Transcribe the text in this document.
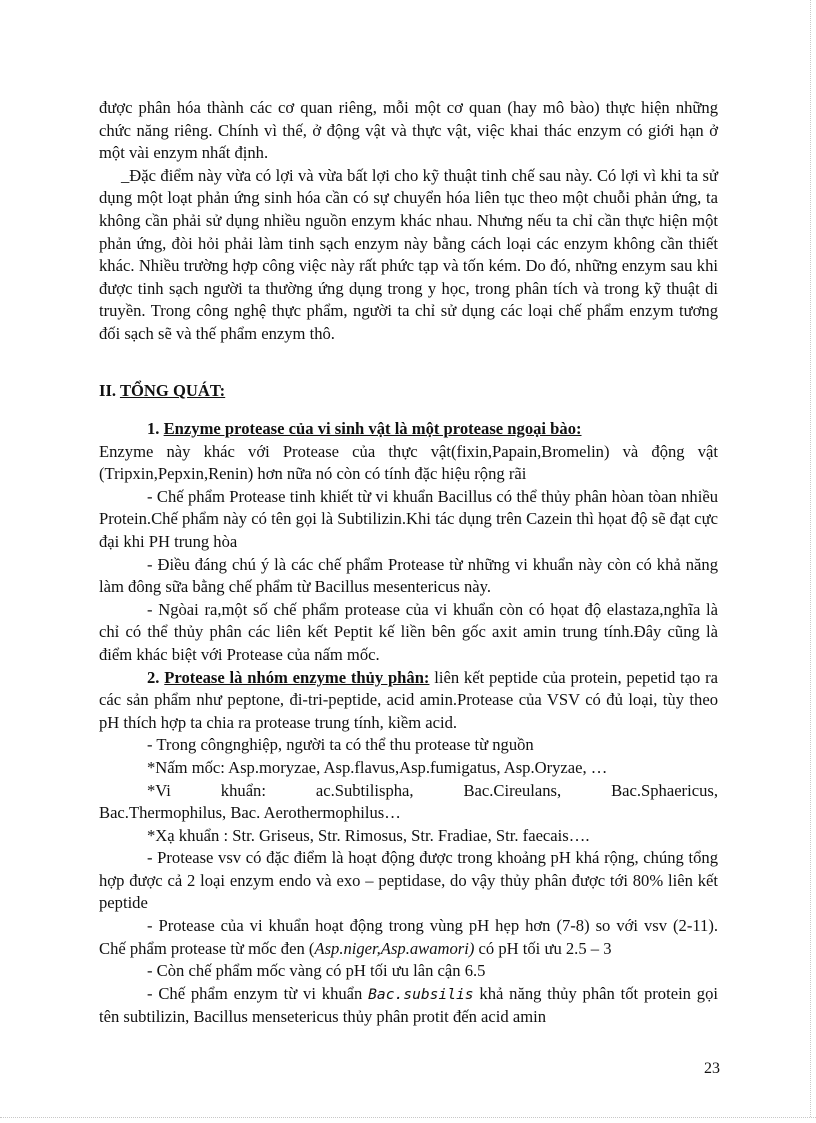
được phân hóa thành các cơ quan riêng, mỗi một cơ quan (hay mô bào) thực hiện những chức năng riêng. Chính vì thế, ở động vật và thực vật, việc khai thác enzym có giới hạn ở một vài enzym nhất định.

_Đặc điểm này vừa có lợi và vừa bất lợi cho kỹ thuật tinh chế sau này. Có lợi vì khi ta sử dụng một loạt phản ứng sinh hóa cần có sự chuyển hóa liên tục theo một chuỗi phản ứng, ta không cần phải sử dụng nhiều nguồn enzym khác nhau. Nhưng nếu ta chỉ cần thực hiện một phản ứng, đòi hỏi phải làm tinh sạch enzym này bằng cách loại các enzym không cần thiết khác. Nhiều trường hợp công việc này rất phức tạp và tốn kém. Do đó, những enzym sau khi được tinh sạch người ta thường ứng dụng trong y học, trong phân tích và trong kỹ thuật di truyền. Trong công nghệ thực phẩm, người ta chỉ sử dụng các loại chế phẩm enzym tương đối sạch sẽ và thế phẩm enzym thô.

II. TỔNG QUÁT:

1. Enzyme protease của vi sinh vật là một protease ngoại bào:

Enzyme này khác với Protease của thực vật(fixin,Papain,Bromelin) và động vật (Tripxin,Pepxin,Renin) hơn nữa nó còn có tính đặc hiệu rộng rãi

- Chế phẩm Protease tinh khiết từ vi khuẩn Bacillus có thể thủy phân hòan tòan nhiều Protein.Chế phẩm này có tên gọi là Subtilizin.Khi tác dụng trên Cazein thì họat độ sẽ đạt cực đại khi PH trung hòa

- Điều đáng chú ý là các chế phẩm Protease từ những vi khuẩn này còn có khả năng làm đông sữa bằng chế phẩm từ Bacillus mesentericus này.

- Ngòai ra,một số chế phẩm protease của vi khuẩn còn có họat độ elastaza,nghĩa là chỉ có thể thủy phân các liên kết Peptit kế liền bên gốc axit amin trung tính.Đây cũng là điểm khác biệt với Protease của nấm mốc.

2. Protease là nhóm enzyme thủy phân: liên kết peptide của protein, pepetid tạo ra các sản phẩm như peptone, đi-tri-peptide, acid amin.Protease của VSV có đủ loại, tùy theo pH thích hợp ta chia ra protease trung tính, kiềm acid.

- Trong côngnghiệp, người ta có thể thu protease từ nguồn

*Nấm mốc: Asp.moryzae, Asp.flavus,Asp.fumigatus, Asp.Oryzae, …

*Vi	khuẩn:	ac.Subtilispha,	Bac.Cireulans,	Bac.Sphaericus,

Bac.Thermophilus, Bac. Aerothermophilus…

*Xạ khuẩn : Str. Griseus, Str. Rimosus, Str. Fradiae, Str. faecais….

- Protease vsv có đặc điểm là hoạt động được trong khoảng pH khá rộng, chúng tổng hợp được cả 2 loại enzym endo và exo – peptidase, do vậy thủy phân được tới 80% liên kết peptide

- Protease của vi khuẩn hoạt động trong vùng pH hẹp hơn (7-8) so với vsv (2-11). Chế phẩm protease từ mốc đen (Asp.niger,Asp.awamori) có pH tối ưu 2.5 – 3

- Còn chế phẩm mốc vàng có pH tối ưu lân cận 6.5

- Chế phẩm enzym từ vi khuẩn Bac.subsilis khả năng thủy phân tốt protein gọi tên subtilizin, Bacillus mensetericus thủy phân protit đến acid amin

23
